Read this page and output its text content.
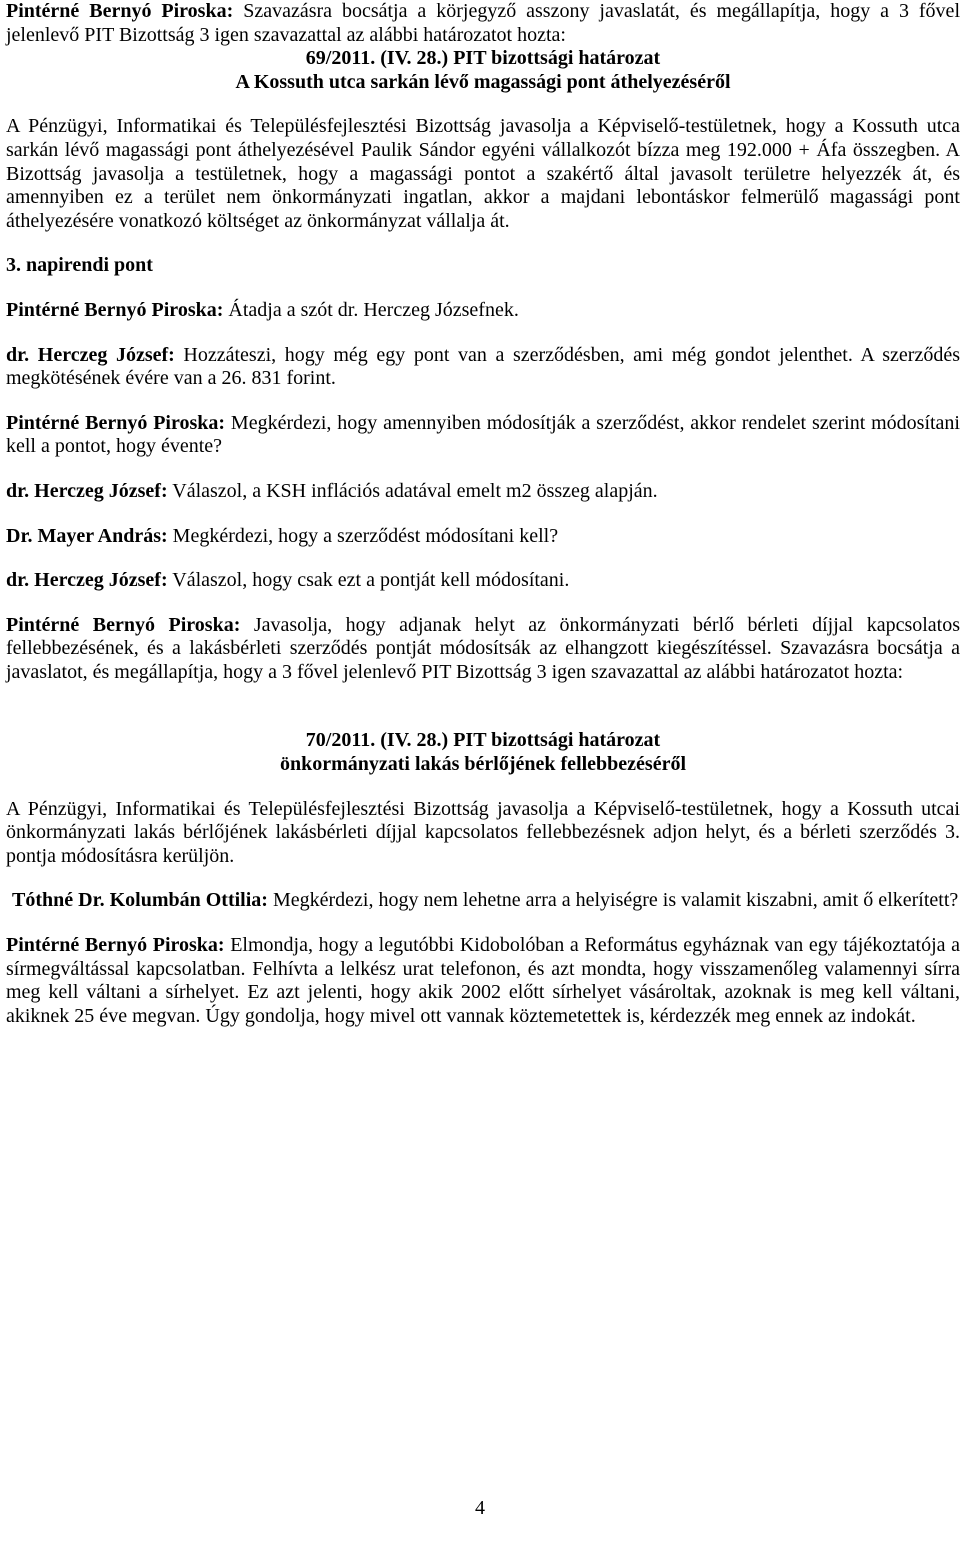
Pintérné Bernyó Piroska: Szavazásra bocsátja a körjegyző asszony javaslatát, és megállapítja, hogy a 3 fővel jelenlevő PIT Bizottság 3 igen szavazattal az alábbi határozatot hozta:

69/2011. (IV. 28.) PIT bizottsági határozat

A Kossuth utca sarkán lévő magassági pont áthelyezéséről

A Pénzügyi, Informatikai és Településfejlesztési Bizottság javasolja a Képviselő-testületnek, hogy a Kossuth utca sarkán lévő magassági pont áthelyezésével Paulik Sándor egyéni vállalkozót bízza meg 192.000 + Áfa összegben. A Bizottság javasolja a testületnek, hogy a magassági pontot a szakértő által javasolt területre helyezzék át, és amennyiben ez a terület nem önkormányzati ingatlan, akkor a majdani lebontáskor felmerülő magassági pont áthelyezésére vonatkozó költséget az önkormányzat vállalja át.

3. napirendi pont

Pintérné Bernyó Piroska: Átadja a szót dr. Herczeg Józsefnek.

dr. Herczeg József: Hozzáteszi, hogy még egy pont van a szerződésben, ami még gondot jelenthet. A szerződés megkötésének évére van a 26. 831 forint.

Pintérné Bernyó Piroska: Megkérdezi, hogy amennyiben módosítják a szerződést, akkor rendelet szerint módosítani kell a pontot, hogy évente?

dr. Herczeg József: Válaszol, a KSH inflációs adatával emelt m2 összeg alapján.

Dr. Mayer András: Megkérdezi, hogy a szerződést módosítani kell?

dr. Herczeg József: Válaszol, hogy csak ezt a pontját kell módosítani.

Pintérné Bernyó Piroska: Javasolja, hogy adjanak helyt az önkormányzati bérlő bérleti díjjal kapcsolatos fellebbezésének, és a lakásbérleti szerződés pontját módosítsák az elhangzott kiegészítéssel. Szavazásra bocsátja a javaslatot, és megállapítja, hogy a 3 fővel jelenlevő PIT Bizottság 3 igen szavazattal az alábbi határozatot hozta:

70/2011. (IV. 28.) PIT bizottsági határozat

önkormányzati lakás bérlőjének fellebbezéséről

A Pénzügyi, Informatikai és Településfejlesztési Bizottság javasolja a Képviselő-testületnek, hogy a Kossuth utcai önkormányzati lakás bérlőjének lakásbérleti díjjal kapcsolatos fellebbezésnek adjon helyt, és a bérleti szerződés 3. pontja módosításra kerüljön.

Tóthné Dr. Kolumbán Ottilia: Megkérdezi, hogy nem lehetne arra a helyiségre is valamit kiszabni, amit ő elkerített?

Pintérné Bernyó Piroska: Elmondja, hogy a legutóbbi Kidobolóban a Református egyháznak van egy tájékoztatója a sírmegváltással kapcsolatban. Felhívta a lelkész urat telefonon, és azt mondta, hogy visszamenőleg valamennyi sírra meg kell váltani a sírhelyet. Ez azt jelenti, hogy akik 2002 előtt sírhelyet vásároltak, azoknak is meg kell váltani, akiknek 25 éve megvan. Úgy gondolja, hogy mivel ott vannak köztemetettek is, kérdezzék meg ennek az indokát.

4
